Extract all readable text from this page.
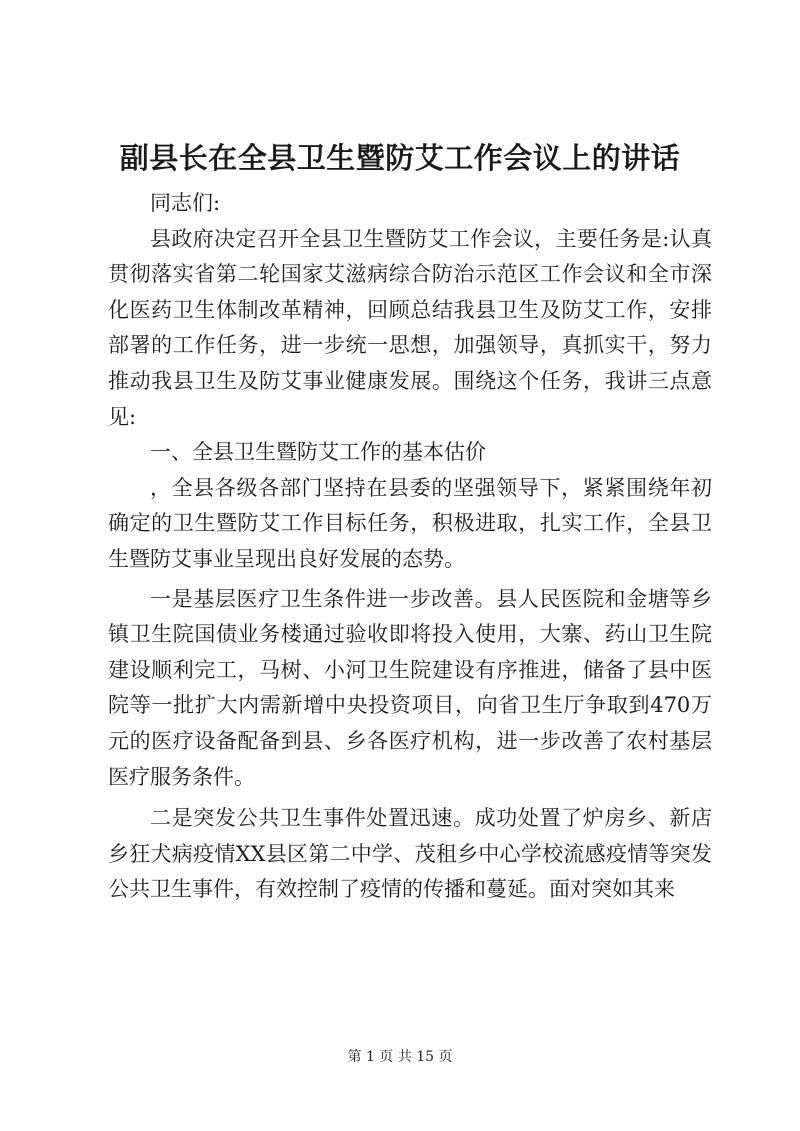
副县长在全县卫生暨防艾工作会议上的讲话

同志们:

县政府决定召开全县卫生暨防艾工作会议，主要任务是:认真贯彻落实省第二轮国家艾滋病综合防治示范区工作会议和全市深化医药卫生体制改革精神，回顾总结我县卫生及防艾工作，安排部署的工作任务，进一步统一思想，加强领导，真抓实干，努力推动我县卫生及防艾事业健康发展。围绕这个任务，我讲三点意见:

一、全县卫生暨防艾工作的基本估价

，全县各级各部门坚持在县委的坚强领导下，紧紧围绕年初确定的卫生暨防艾工作目标任务，积极进取，扎实工作，全县卫生暨防艾事业呈现出良好发展的态势。

一是基层医疗卫生条件进一步改善。县人民医院和金塘等乡镇卫生院国债业务楼通过验收即将投入使用，大寨、药山卫生院建设顺利完工，马树、小河卫生院建设有序推进，储备了县中医院等一批扩大内需新增中央投资项目，向省卫生厅争取到470万元的医疗设备配备到县、乡各医疗机构，进一步改善了农村基层医疗服务条件。

二是突发公共卫生事件处置迅速。成功处置了炉房乡、新店乡狂犬病疫情XX县区第二中学、茂租乡中心学校流感疫情等突发公共卫生事件，有效控制了疫情的传播和蔓延。面对突如其来

第 1 页 共 15 页
